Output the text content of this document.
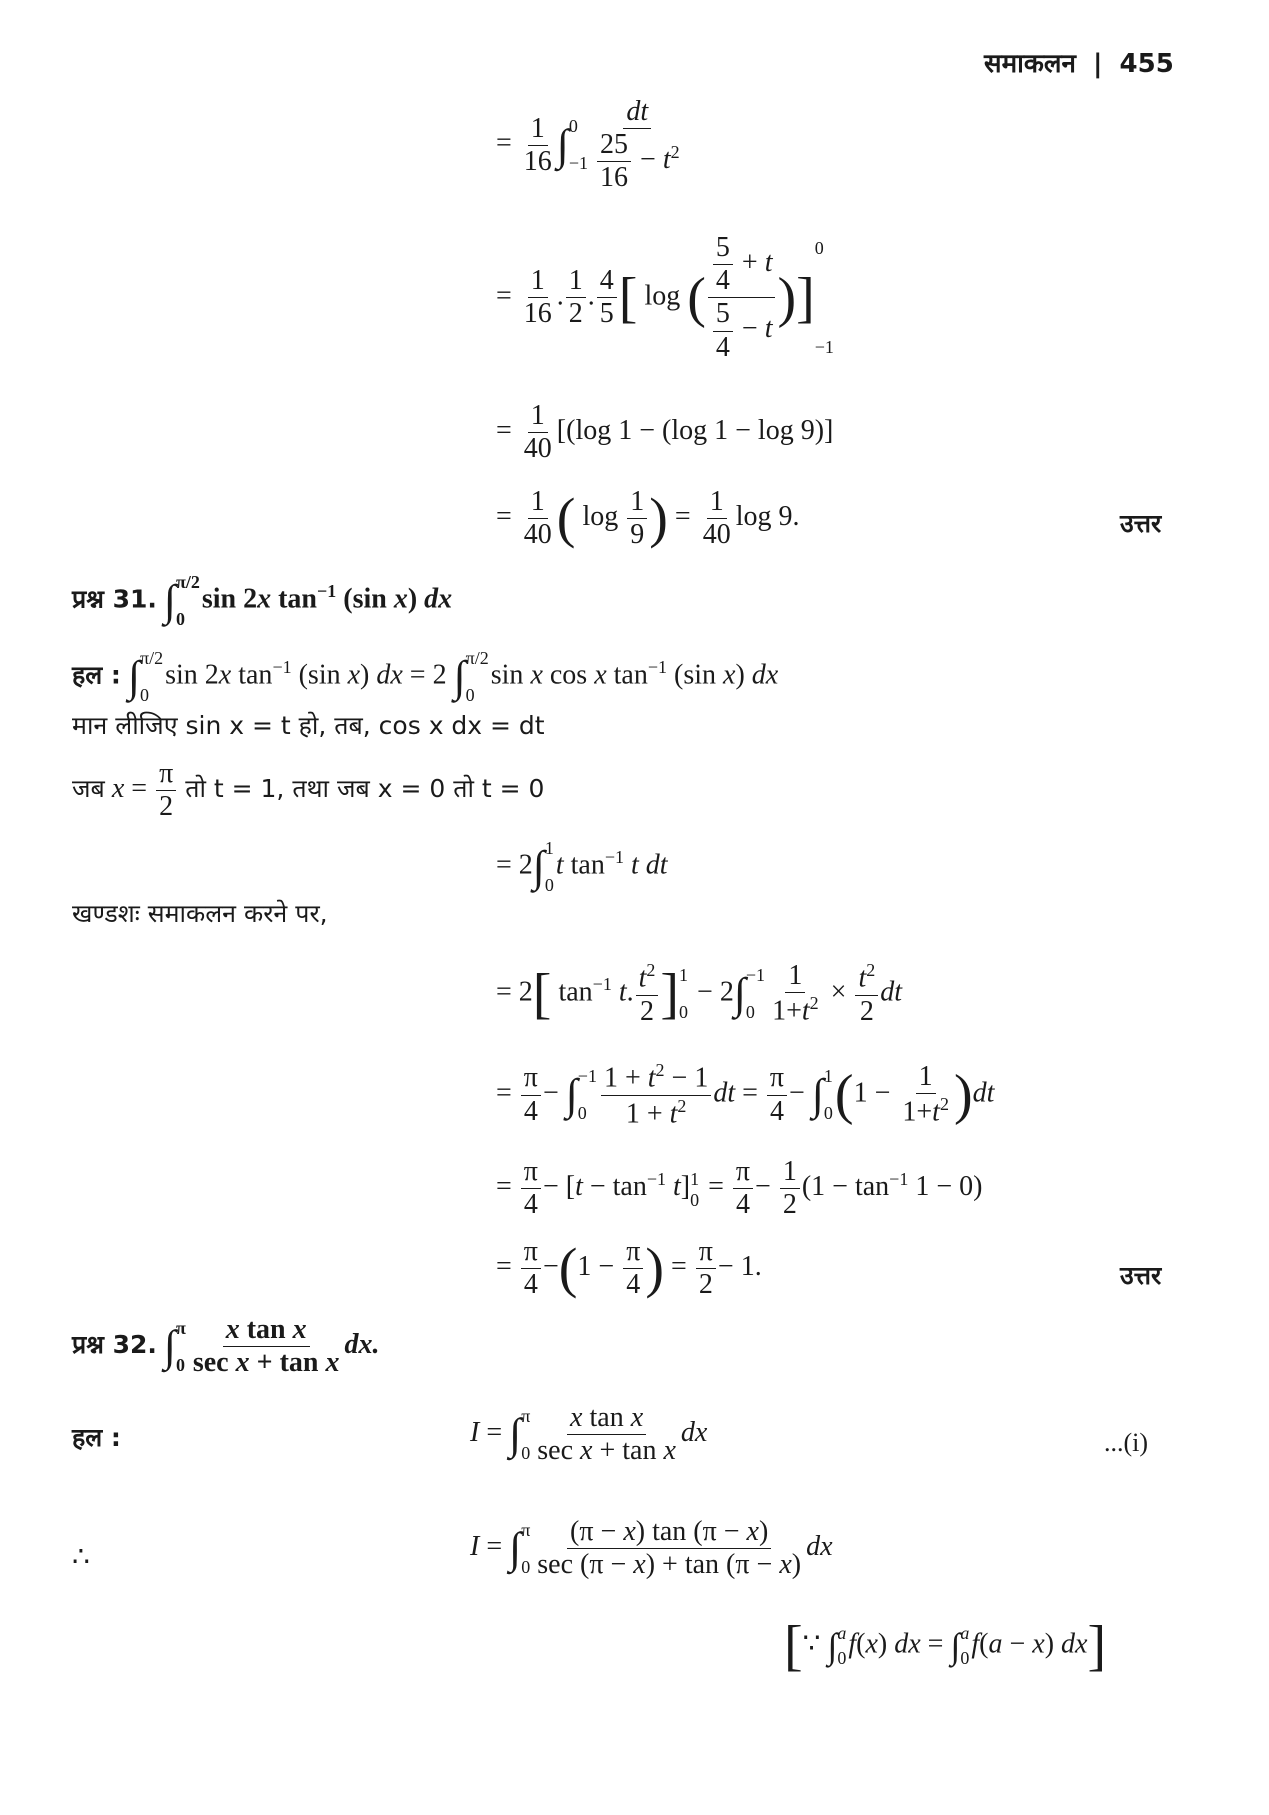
समाकलन | 455
= $\frac{1}{16}$ ∫ 0
$-1 \frac{dt}{\frac{25}{16} - t^2}$
= $\frac{1}{16}$ . $\frac{1}{2}$ . $\frac{4}{5}$ [ log ( $\frac{\frac{5}{4} + t}{\frac{5}{4} - t}$ )]
0
−1
= $\frac{1}{40} [(\log$ 1 − (log 1 − log 9)]
= $\frac{1}{40}$ ( $\log \frac{1}{9}$ ) = $\frac{1}{40}$ log 9.	उत्तर
प्रश्न 31. ∫ π/2
0
sin 2x $\tan^{-1} (\sin$ x) dx
हल : ∫ π/2
0
sin 2x $\tan^{-1} (\sin$ x) dx = 2 ∫ π/2
0
sin x cos x $\tan^{-1} (\sin$ x) dx
मान लीजिए sin x = t हो, तब, cos x dx = dt
जब $x = \frac{\pi}{2}$ तो t = 1, तथा जब x = 0 तो t = 0
= 2∫ 1
0
t $\tan^{-1} t$ dt
खण्डशः समाकलन करने पर,
= 2[ $\tan^{-1} t$. $\frac{t^2}{2}$ ] 1
0
− 2∫ −1
$0 \frac{1}{1+t^2} \times \frac{t^2}{2}$ dt
= $\frac{\pi}{4}$ − ∫ −1
$0 \frac{1 + t^2 - 1}{1 + t^2}$ dt = $\frac{\pi}{4}$ − ∫ 1
0 $(1 - \frac{1}{1+t^2} )dt$
= $\frac{\pi}{4} - [t - \tan^{-1} t]$ 1
$0 = \frac{\pi}{4} - \frac{1}{2} (1 - \tan^{-1} 1 - 0)$
= $\frac{\pi}{4} -(1 - \frac{\pi}{4}$ ) = $\frac{\pi}{2} - 1$.	उत्तर
प्रश्न 32. ∫ π
$0 \frac{\text{x tan x}}{\text{sec x + tan x}}$ dx.
हल :	I = ∫ π
$0 \frac{\text{x tan x}}{\text{sec x + tan x}}$ dx	...(i)
∴	I = ∫ π
$0 \frac{(\pi - x) \tan (\pi - x)}{\sec (\pi - x) + \tan (\pi - x)}$ dx
[∵ ∫ a
0 f(x) dx = ∫ a
0 f(a − x) dx]
